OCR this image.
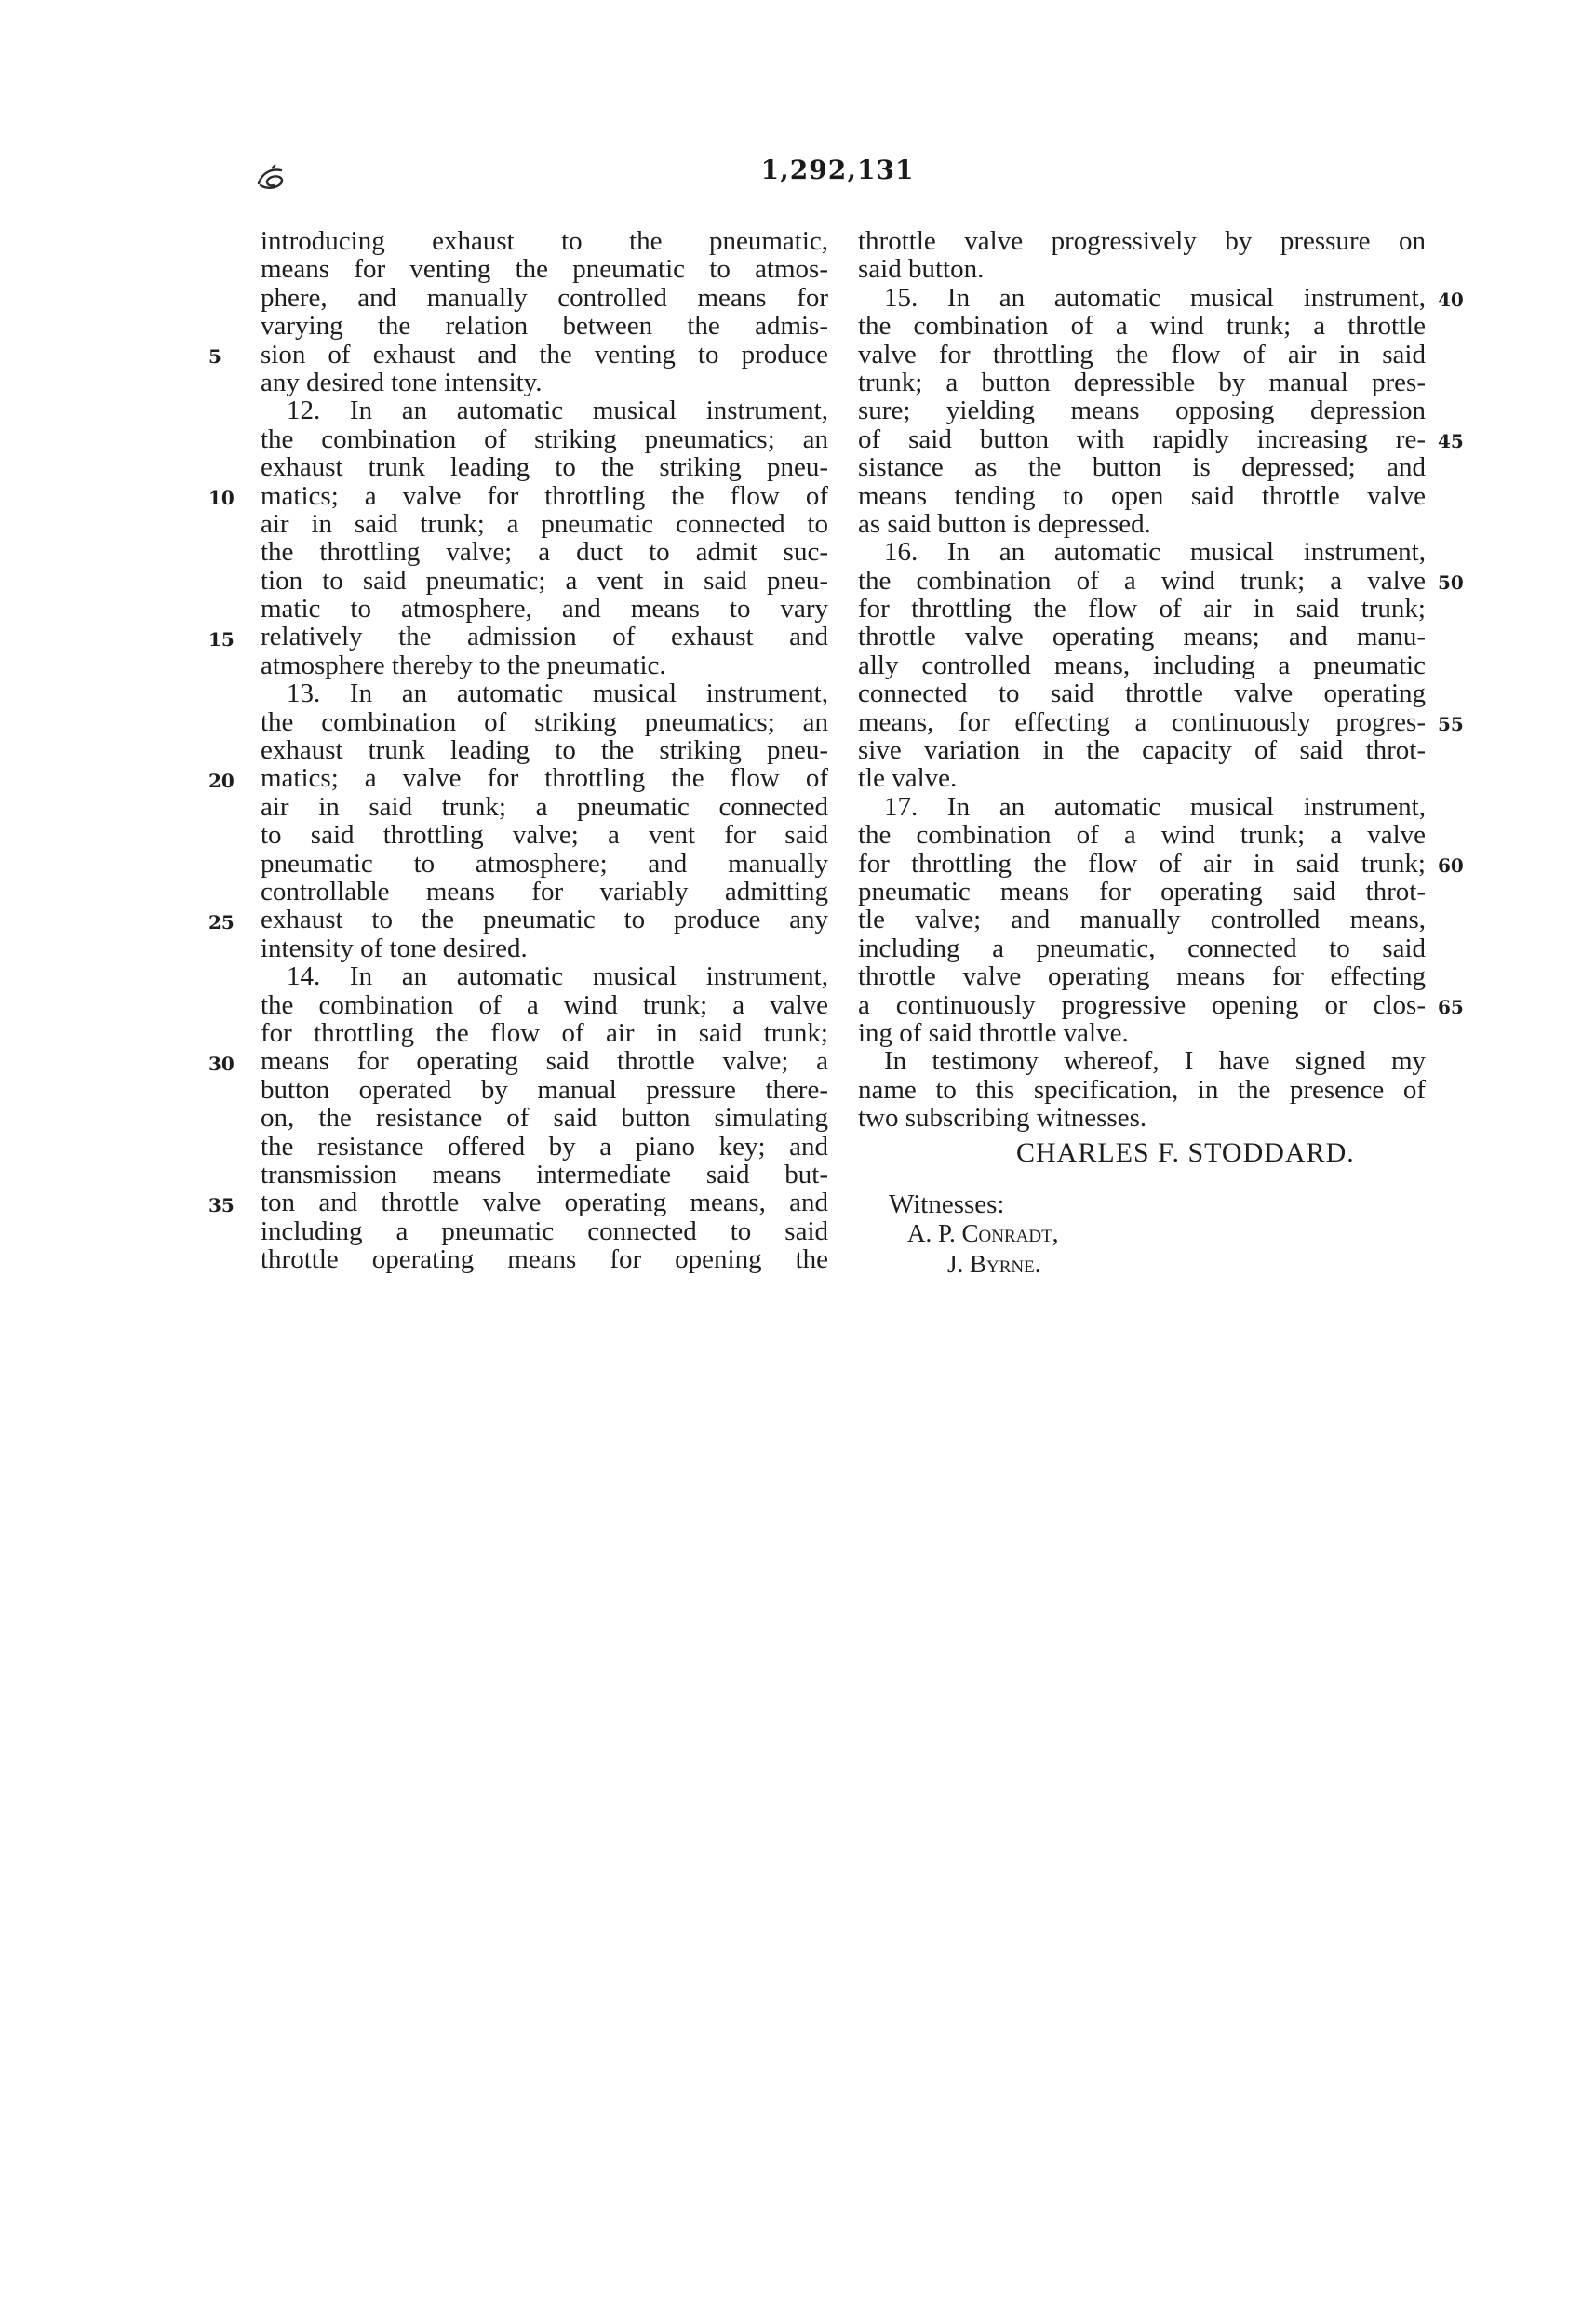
1,292,131
introducing exhaust to the pneumatic,
means for venting the pneumatic to atmos-
phere, and manually controlled means for
varying the relation between the admis-
sion of exhaust and the venting to produce
any desired tone intensity.
12. In an automatic musical instrument,
the combination of striking pneumatics; an
exhaust trunk leading to the striking pneu-
matics; a valve for throttling the flow of
air in said trunk; a pneumatic connected to
the throttling valve; a duct to admit suc-
tion to said pneumatic; a vent in said pneu-
matic to atmosphere, and means to vary
relatively the admission of exhaust and
atmosphere thereby to the pneumatic.
13. In an automatic musical instrument,
the combination of striking pneumatics; an
exhaust trunk leading to the striking pneu-
matics; a valve for throttling the flow of
air in said trunk; a pneumatic connected
to said throttling valve; a vent for said
pneumatic to atmosphere; and manually
controllable means for variably admitting
exhaust to the pneumatic to produce any
intensity of tone desired.
14. In an automatic musical instrument,
the combination of a wind trunk; a valve
for throttling the flow of air in said trunk;
means for operating said throttle valve; a
button operated by manual pressure there-
on, the resistance of said button simulating
the resistance offered by a piano key; and
transmission means intermediate said but-
ton and throttle valve operating means, and
including a pneumatic connected to said
throttle operating means for opening the
5
10
15
20
25
30
35
throttle valve progressively by pressure on
said button.
15. In an automatic musical instrument,
the combination of a wind trunk; a throttle
valve for throttling the flow of air in said
trunk; a button depressible by manual pres-
sure; yielding means opposing depression
of said button with rapidly increasing re-
sistance as the button is depressed; and
means tending to open said throttle valve
as said button is depressed.
16. In an automatic musical instrument,
the combination of a wind trunk; a valve
for throttling the flow of air in said trunk;
throttle valve operating means; and manu-
ally controlled means, including a pneumatic
connected to said throttle valve operating
means, for effecting a continuously progres-
sive variation in the capacity of said throt-
tle valve.
17. In an automatic musical instrument,
the combination of a wind trunk; a valve
for throttling the flow of air in said trunk;
pneumatic means for operating said throt-
tle valve; and manually controlled means,
including a pneumatic, connected to said
throttle valve operating means for effecting
a continuously progressive opening or clos-
ing of said throttle valve.
In testimony whereof, I have signed my
name to this specification, in the presence of
two subscribing witnesses.
40
45
50
55
60
65
CHARLES F. STODDARD.
Witnesses:
A. P. Conradt,
J. Byrne.
